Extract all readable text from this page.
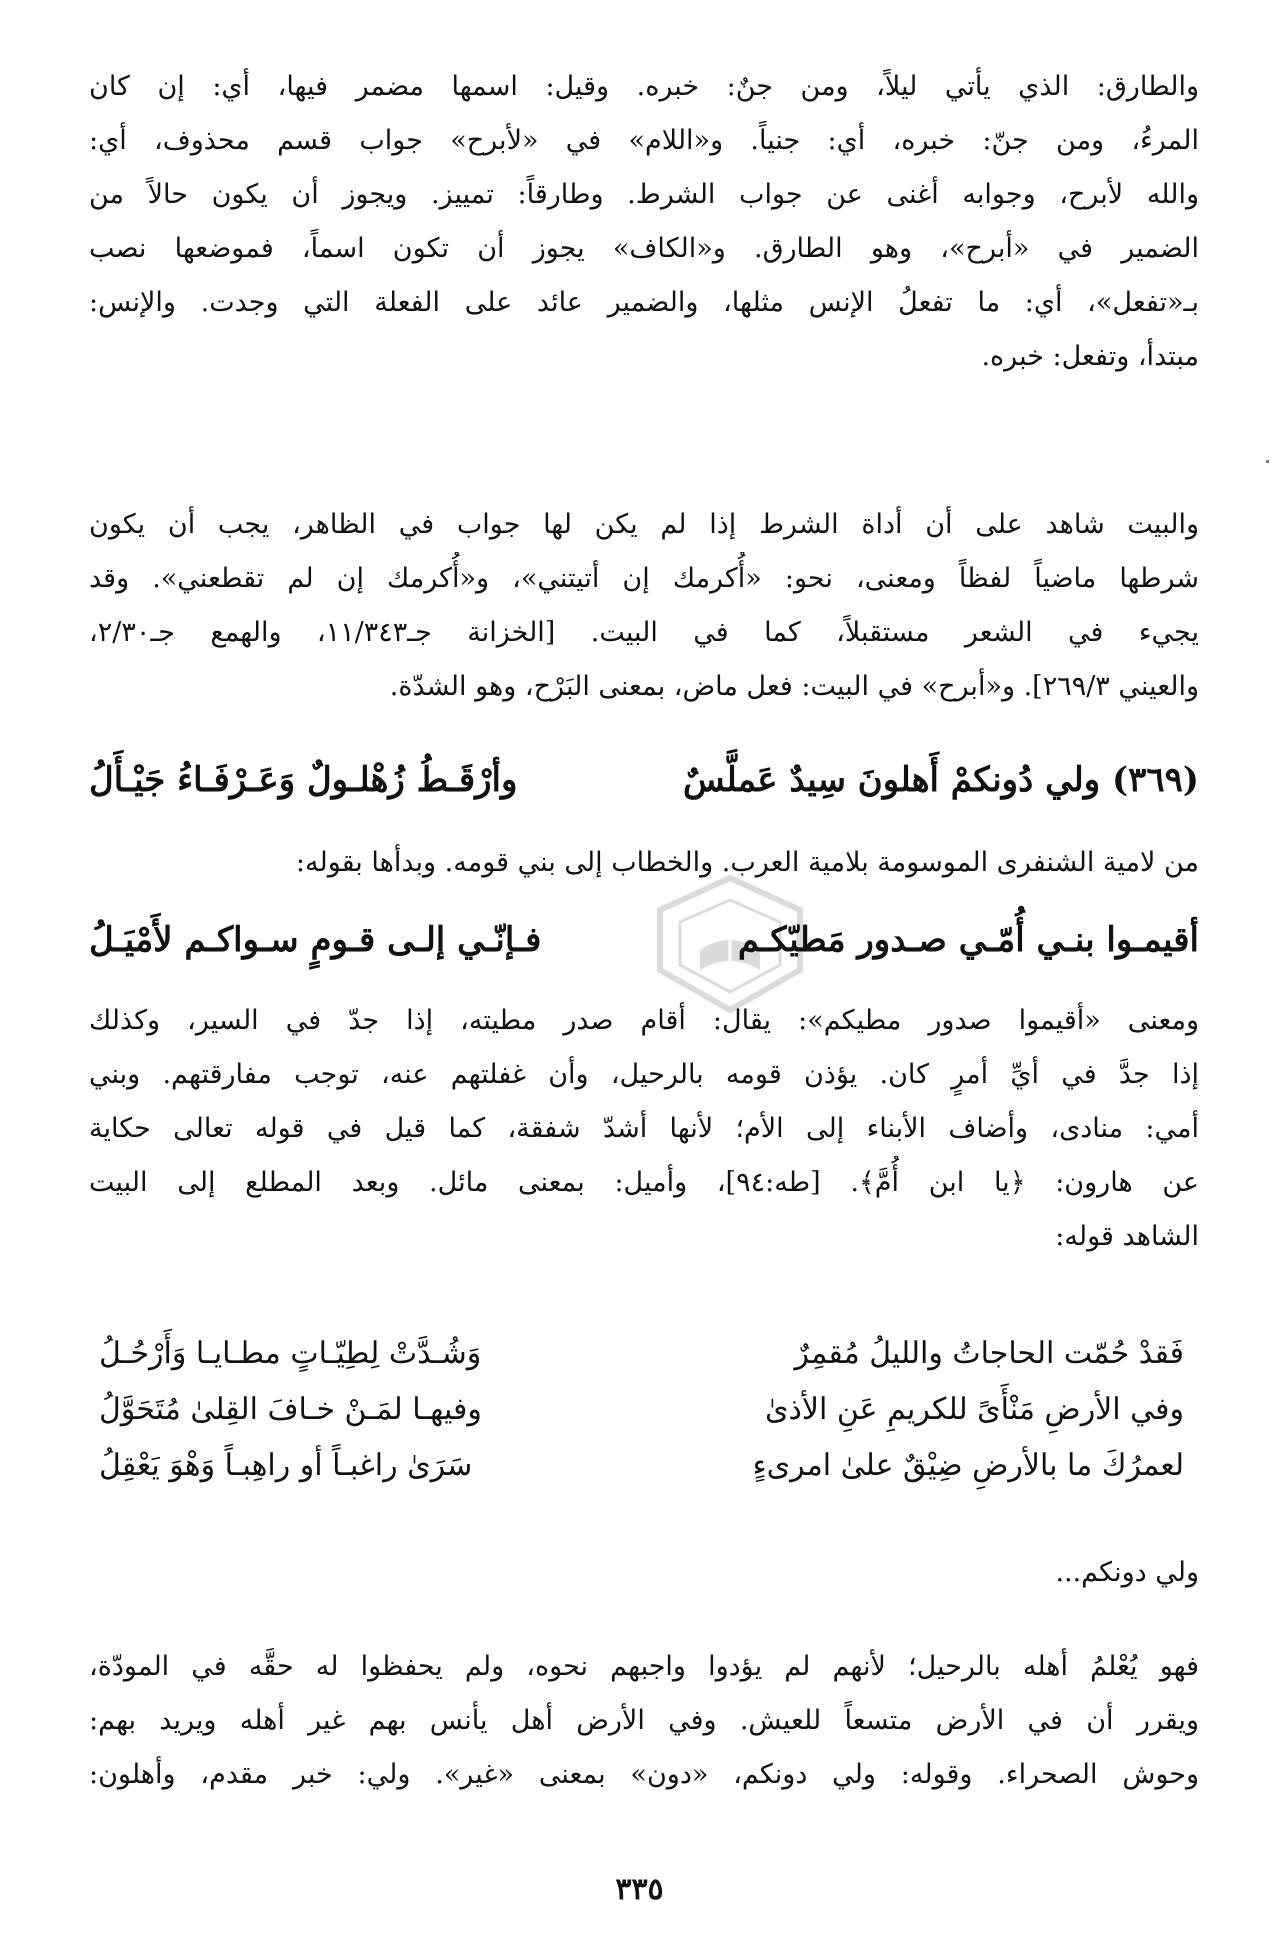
والطارق: الذي يأتي ليلاً، ومن جنٌ: خبره. وقيل: اسمها مضمر فيها، أي: إن كان
المرءُ، ومن جنّ: خبره، أي: جنياً. و«اللام» في «لأبرح» جواب قسم محذوف، أي:
والله لأبرح، وجوابه أغنى عن جواب الشرط. وطارقاً: تمييز. ويجوز أن يكون حالاً من
الضمير في «أبرح»، وهو الطارق. و«الكاف» يجوز أن تكون اسماً، فموضعها نصب
بـ«تفعل»، أي: ما تفعلُ الإنس مثلها، والضمير عائد على الفعلة التي وجدت. والإنس:
مبتدأ، وتفعل: خبره.
والبيت شاهد على أن أداة الشرط إذا لم يكن لها جواب في الظاهر، يجب أن يكون
شرطها ماضياً لفظاً ومعنى، نحو: «أُكرمك إن أتيتني»، و«أُكرمك إن لم تقطعني». وقد
يجيء في الشعر مستقبلاً، كما في البيت. [الخزانة جـ١١/٣٤٣، والهمع جـ٢/٣٠،
والعيني ٢٦٩/٣]. و«أبرح» في البيت: فعل ماض، بمعنى البَرْح، وهو الشدّة.
(٣٦٩) ولي دُونكمْ أَهلونَ سِيدٌ عَملَّسٌ
وأرْقَـطُ زُهْلـولٌ وَعَـرْفَـاءُ جَيْـأَلُ
من لامية الشنفرى الموسومة بلامية العرب. والخطاب إلى بني قومه. وبدأها بقوله:
أقيمـوا بنـي أُمّـي صـدور مَطيّكـم
فـإنّـي إلـى قـومٍ سـواكـم لأَمْيَـلُ
ومعنى «أقيموا صدور مطيكم»: يقال: أقام صدر مطيته، إذا جدّ في السير، وكذلك
إذا جدَّ في أيِّ أمرٍ كان. يؤذن قومه بالرحيل، وأن غفلتهم عنه، توجب مفارقتهم. وبني
أمي: منادى، وأضاف الأبناء إلى الأم؛ لأنها أشدّ شفقة، كما قيل في قوله تعالى حكاية
عن هارون: ﴿يا ابن أُمَّ﴾. [طه:٩٤]، وأميل: بمعنى مائل. وبعد المطلع إلى البيت
الشاهد قوله:
فَقدْ حُمّت الحاجاتُ والليلُ مُقمِرٌ
وَشُـدَّتْ لِطِيّـاتٍ مطـايـا وَأَرْحُـلُ
وفي الأرضِ مَنْأَىً للكريمِ عَنِ الأذىٰ
وفيهـا لمَـنْ خـافَ القِلىٰ مُتَحَوَّلُ
لعمرُكَ ما بالأرضِ ضِيْقٌ علىٰ امرىءٍ
سَرَىٰ راغبـاً أو راهِبـاً وَهْوَ يَعْقِلُ
ولي دونكم...
فهو يُعْلمُ أهله بالرحيل؛ لأنهم لم يؤدوا واجبهم نحوه، ولم يحفظوا له حقَّه في المودّة،
ويقرر أن في الأرض متسعاً للعيش. وفي الأرض أهل يأنس بهم غير أهله ويريد بهم:
وحوش الصحراء. وقوله: ولي دونكم، «دون» بمعنى «غير». ولي: خبر مقدم، وأهلون:
٣٣٥
